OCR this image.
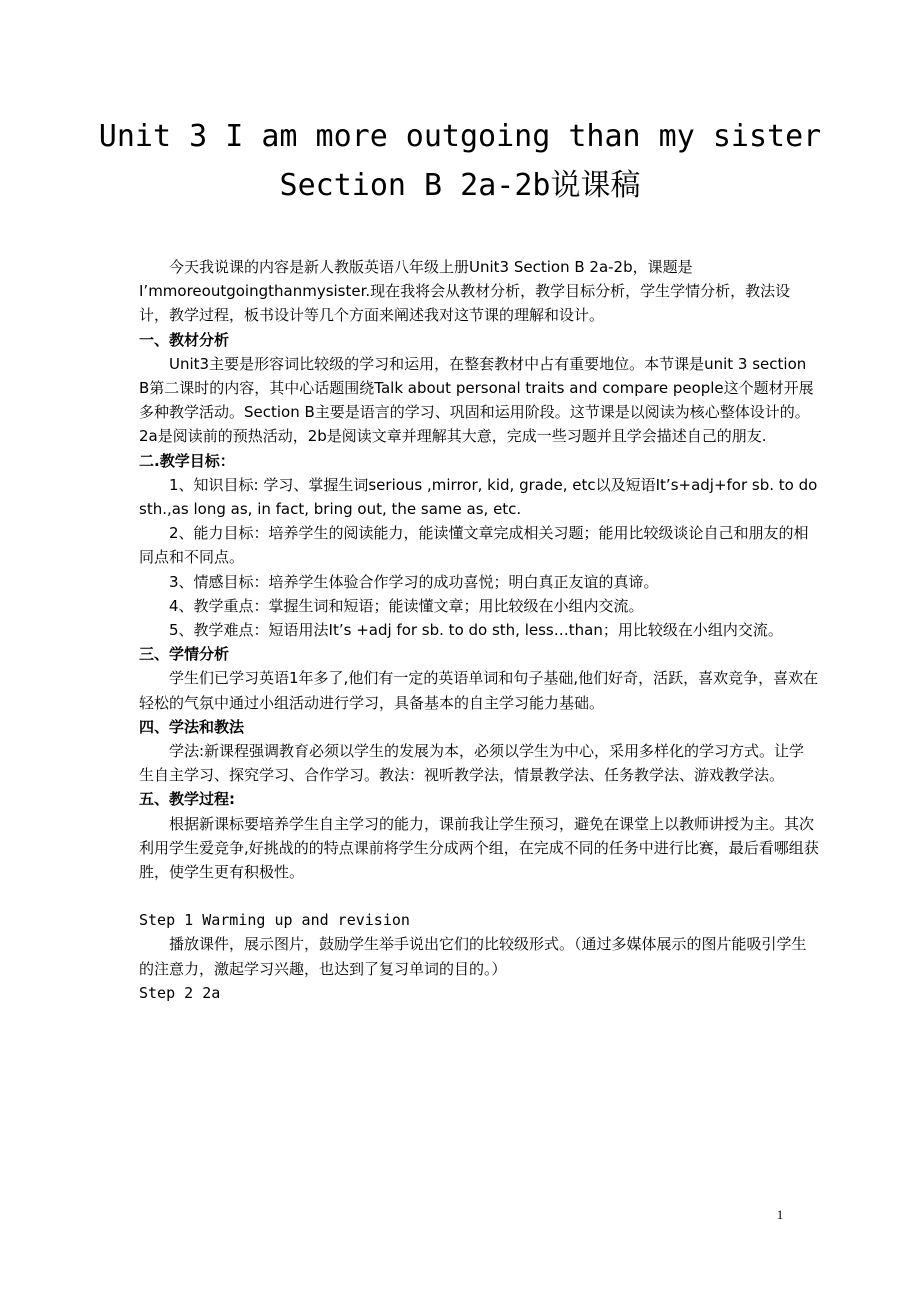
Unit 3 I am more outgoing than my sister
Section B 2a-2b说课稿

今天我说课的内容是新人教版英语八年级上册Unit3 Section B 2a-2b，课题是I’mmoreoutgoingthanmysister.现在我将会从教材分析，教学目标分析，学生学情分析，教法设计，教学过程，板书设计等几个方面来阐述我对这节课的理解和设计。

一、教材分析

Unit3主要是形容词比较级的学习和运用，在整套教材中占有重要地位。本节课是unit 3 section B第二课时的内容，其中心话题围绕Talk about personal traits and compare people这个题材开展多种教学活动。Section B主要是语言的学习、巩固和运用阶段。这节课是以阅读为核心整体设计的。2a是阅读前的预热活动，2b是阅读文章并理解其大意，完成一些习题并且学会描述自己的朋友.

二.教学目标：

1、知识目标: 学习、掌握生词serious ,mirror, kid, grade, etc以及短语It’s+adj+for sb. to do sth.,as long as, in fact, bring out, the same as, etc.

2、能力目标：培养学生的阅读能力，能读懂文章完成相关习题；能用比较级谈论自己和朋友的相同点和不同点。

3、情感目标：培养学生体验合作学习的成功喜悦；明白真正友谊的真谛。

4、教学重点：掌握生词和短语；能读懂文章；用比较级在小组内交流。

5、教学难点：短语用法It’s +adj for sb. to do sth, less…than；用比较级在小组内交流。

三、学情分析

学生们已学习英语1年多了,他们有一定的英语单词和句子基础,他们好奇，活跃，喜欢竞争，喜欢在轻松的气氛中通过小组活动进行学习，具备基本的自主学习能力基础。

四、学法和教法

学法:新课程强调教育必须以学生的发展为本，必须以学生为中心，采用多样化的学习方式。让学生自主学习、探究学习、合作学习。教法：视听教学法，情景教学法、任务教学法、游戏教学法。

五、教学过程:

根据新课标要培养学生自主学习的能力，课前我让学生预习，避免在课堂上以教师讲授为主。其次利用学生爱竞争,好挑战的的特点课前将学生分成两个组，在完成不同的任务中进行比赛，最后看哪组获胜，使学生更有积极性。

Step 1 Warming up and revision

播放课件，展示图片，鼓励学生举手说出它们的比较级形式。（通过多媒体展示的图片能吸引学生的注意力，激起学习兴趣，也达到了复习单词的目的。）

Step 2 2a

1
